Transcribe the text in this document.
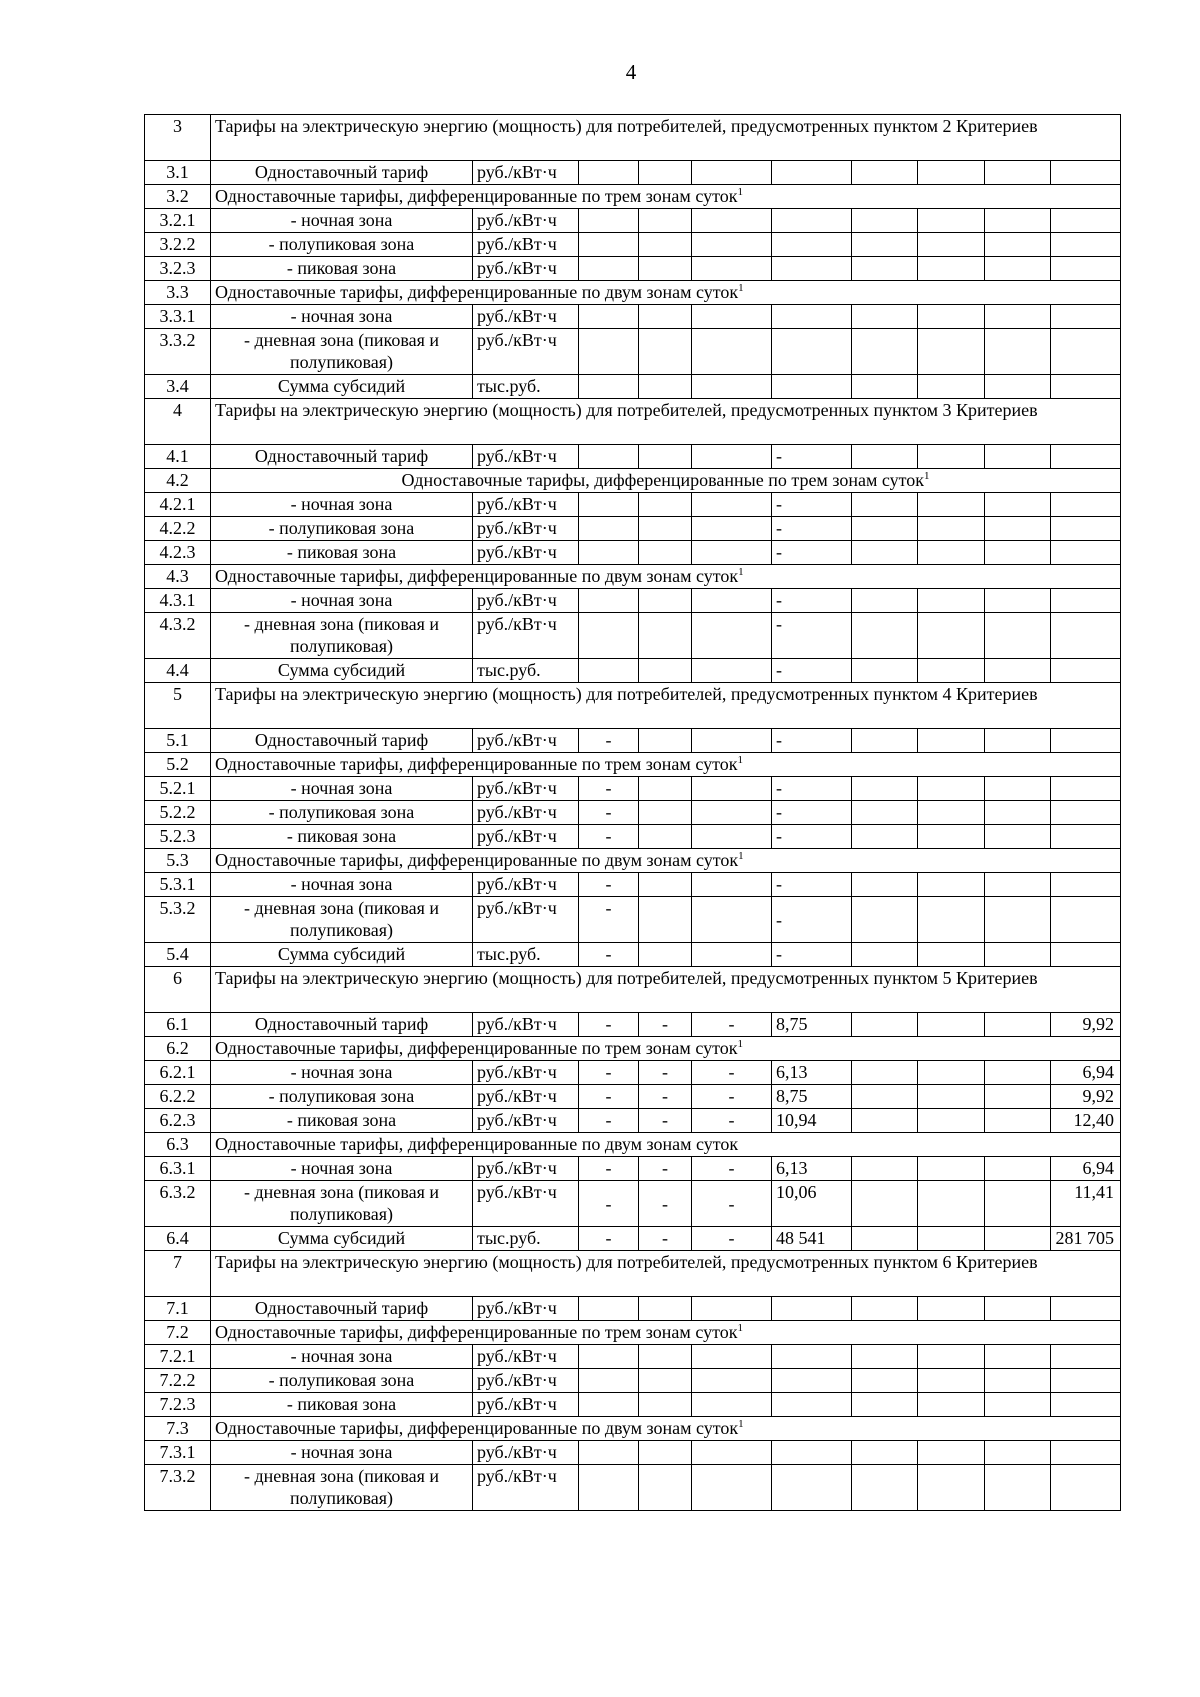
4
3	Тарифы на электрическую энергию (мощность) для потребителей, предусмотренных пунктом 2 Критериев									
3.1	Одноставочный тариф	руб./кВт·ч								
3.2	Одноставочные тарифы, дифференцированные по трем зонам суток$^1$
3.2.1	- ночная зона	руб./кВт·ч								
3.2.2	- полупиковая зона	руб./кВт·ч								
3.2.3	- пиковая зона	руб./кВт·ч								
3.3	Одноставочные тарифы, дифференцированные по двум зонам суток$^1$
3.3.1	- ночная зона	руб./кВт·ч								
3.3.2	- дневная зона (пиковая и полупиковая)	руб./кВт·ч								
3.4	Сумма субсидий	тыс.руб.								
4	Тарифы на электрическую энергию (мощность) для потребителей, предусмотренных пунктом 3 Критериев									
4.1	Одноставочный тариф	руб./кВт·ч				-				
4.2	Одноставочные тарифы, дифференцированные по трем зонам суток$^1$
4.2.1	- ночная зона	руб./кВт·ч				-				
4.2.2	- полупиковая зона	руб./кВт·ч				-				
4.2.3	- пиковая зона	руб./кВт·ч				-				
4.3	Одноставочные тарифы, дифференцированные по двум зонам суток$^1$
4.3.1	- ночная зона	руб./кВт·ч				-				
4.3.2	- дневная зона (пиковая и полупиковая)	руб./кВт·ч				-				
4.4	Сумма субсидий	тыс.руб.				-				
5	Тарифы на электрическую энергию (мощность) для потребителей, предусмотренных пунктом 4 Критериев									
5.1	Одноставочный тариф	руб./кВт·ч	-			-				
5.2	Одноставочные тарифы, дифференцированные по трем зонам суток$^1$
5.2.1	- ночная зона	руб./кВт·ч	-			-				
5.2.2	- полупиковая зона	руб./кВт·ч	-			-				
5.2.3	- пиковая зона	руб./кВт·ч	-			-				
5.3	Одноставочные тарифы, дифференцированные по двум зонам суток$^1$
5.3.1	- ночная зона	руб./кВт·ч	-			-				
5.3.2	- дневная зона (пиковая и полупиковая)	руб./кВт·ч	-			-				
5.4	Сумма субсидий	тыс.руб.	-			-				
6	Тарифы на электрическую энергию (мощность) для потребителей, предусмотренных пунктом 5 Критериев									
6.1	Одноставочный тариф	руб./кВт·ч	-	-	-	8,75				9,92
6.2	Одноставочные тарифы, дифференцированные по трем зонам суток$^1$
6.2.1	- ночная зона	руб./кВт·ч	-	-	-	6,13				6,94
6.2.2	- полупиковая зона	руб./кВт·ч	-	-	-	8,75				9,92
6.2.3	- пиковая зона	руб./кВт·ч	-	-	-	10,94				12,40
6.3	Одноставочные тарифы, дифференцированные по двум зонам суток									
6.3.1	- ночная зона	руб./кВт·ч	-	-	-	6,13				6,94
6.3.2	- дневная зона (пиковая и полупиковая)	руб./кВт·ч	-	-	-	10,06				11,41
6.4	Сумма субсидий	тыс.руб.	-	-	-	48 541				281 705
7	Тарифы на электрическую энергию (мощность) для потребителей, предусмотренных пунктом 6 Критериев									
7.1	Одноставочный тариф	руб./кВт·ч								
7.2	Одноставочные тарифы, дифференцированные по трем зонам суток$^1$
7.2.1	- ночная зона	руб./кВт·ч								
7.2.2	- полупиковая зона	руб./кВт·ч								
7.2.3	- пиковая зона	руб./кВт·ч								
7.3	Одноставочные тарифы, дифференцированные по двум зонам суток$^1$
7.3.1	- ночная зона	руб./кВт·ч								
7.3.2	- дневная зона (пиковая и полупиковая)	руб./кВт·ч								
